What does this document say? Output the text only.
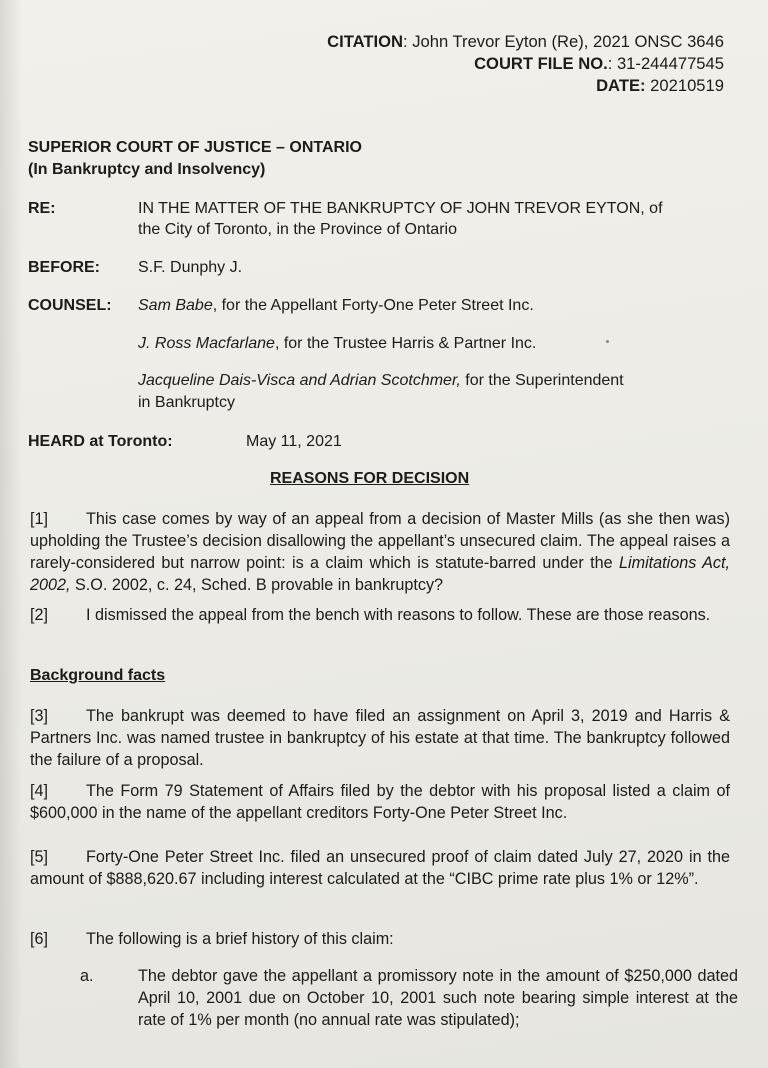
CITATION: John Trevor Eyton (Re), 2021 ONSC 3646
COURT FILE NO.: 31-244477545
DATE: 20210519
SUPERIOR COURT OF JUSTICE – ONTARIO
(In Bankruptcy and Insolvency)
RE:	IN THE MATTER OF THE BANKRUPTCY OF JOHN TREVOR EYTON, of
the City of Toronto, in the Province of Ontario
BEFORE: S.F. Dunphy J.
COUNSEL: Sam Babe, for the Appellant Forty-One Peter Street Inc.
J. Ross Macfarlane, for the Trustee Harris & Partner Inc.
Jacqueline Dais-Visca and Adrian Scotchmer, for the Superintendent
in Bankruptcy
HEARD at Toronto:	May 11, 2021
REASONS FOR DECISION
[1] This case comes by way of an appeal from a decision of Master Mills (as she then was) upholding the Trustee’s decision disallowing the appellant’s unsecured claim. The appeal raises a rarely-considered but narrow point: is a claim which is statute-barred under the Limitations Act, 2002, S.O. 2002, c. 24, Sched. B provable in bankruptcy?
[2] I dismissed the appeal from the bench with reasons to follow. These are those reasons.
Background facts
[3] The bankrupt was deemed to have filed an assignment on April 3, 2019 and Harris & Partners Inc. was named trustee in bankruptcy of his estate at that time. The bankruptcy followed the failure of a proposal.
[4] The Form 79 Statement of Affairs filed by the debtor with his proposal listed a claim of $600,000 in the name of the appellant creditors Forty-One Peter Street Inc.
[5] Forty-One Peter Street Inc. filed an unsecured proof of claim dated July 27, 2020 in the amount of $888,620.67 including interest calculated at the “CIBC prime rate plus 1% or 12%”.
[6] The following is a brief history of this claim:
a.	The debtor gave the appellant a promissory note in the amount of $250,000 dated April 10, 2001 due on October 10, 2001 such note bearing simple interest at the rate of 1% per month (no annual rate was stipulated);
